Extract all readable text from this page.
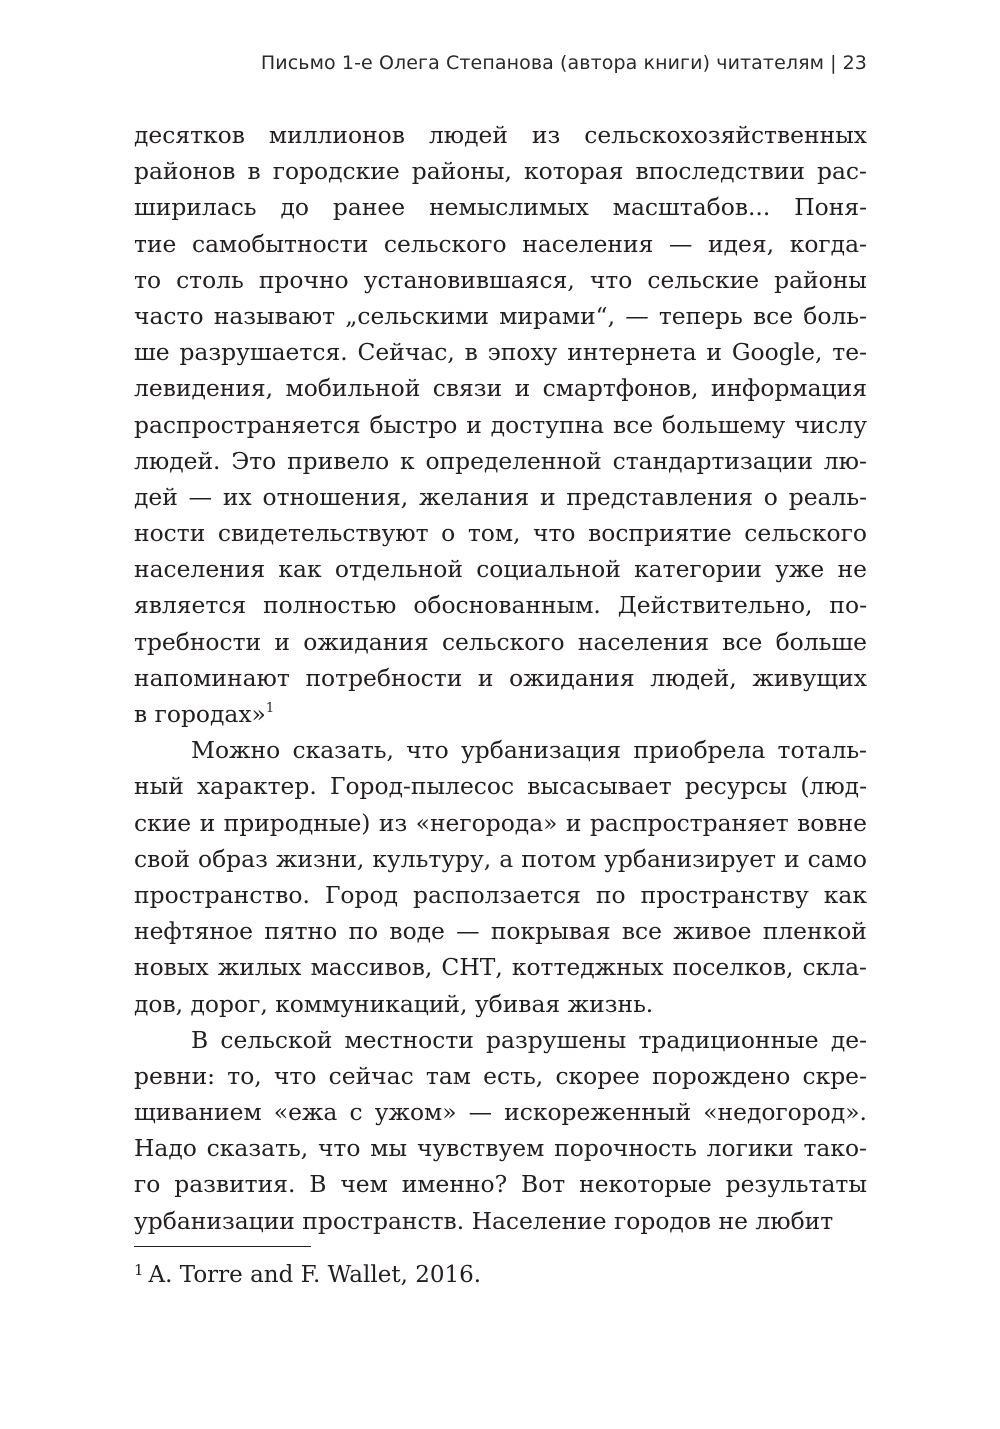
Письмо 1-е Олега Степанова (автора книги) читателям | 23
десятков миллионов людей из сельскохозяйственных
районов в городские районы, которая впоследствии рас-
ширилась до ранее немыслимых масштабов... Поня-
тие самобытности сельского населения — идея, когда-
то столь прочно установившаяся, что сельские районы
часто называют „сельскими мирами“, — теперь все боль-
ше разрушается. Сейчас, в эпоху интернета и Google, те-
левидения, мобильной связи и смартфонов, информация
распространяется быстро и доступна все большему числу
людей. Это привело к определенной стандартизации лю-
дей — их отношения, желания и представления о реаль-
ности свидетельствуют о том, что восприятие сельского
населения как отдельной социальной категории уже не
является полностью обоснованным. Действительно, по-
требности и ожидания сельского населения все больше
напоминают потребности и ожидания людей, живущих
в городах»$^1$
Можно сказать, что урбанизация приобрела тоталь-
ный характер. Город-пылесос высасывает ресурсы (люд-
ские и природные) из «негорода» и распространяет вовне
свой образ жизни, культуру, а потом урбанизирует и само
пространство. Город расползается по пространству как
нефтяное пятно по воде — покрывая все живое пленкой
новых жилых массивов, СНТ, коттеджных поселков, скла-
дов, дорог, коммуникаций, убивая жизнь.
В сельской местности разрушены традиционные де-
ревни: то, что сейчас там есть, скорее порождено скре-
щиванием «ежа с ужом» — искореженный «недогород».
Надо сказать, что мы чувствуем порочность логики тако-
го развития. В чем именно? Вот некоторые результаты
урбанизации пространств. Население городов не любит
$^1$ A. Torre and F. Wallet, 2016.
